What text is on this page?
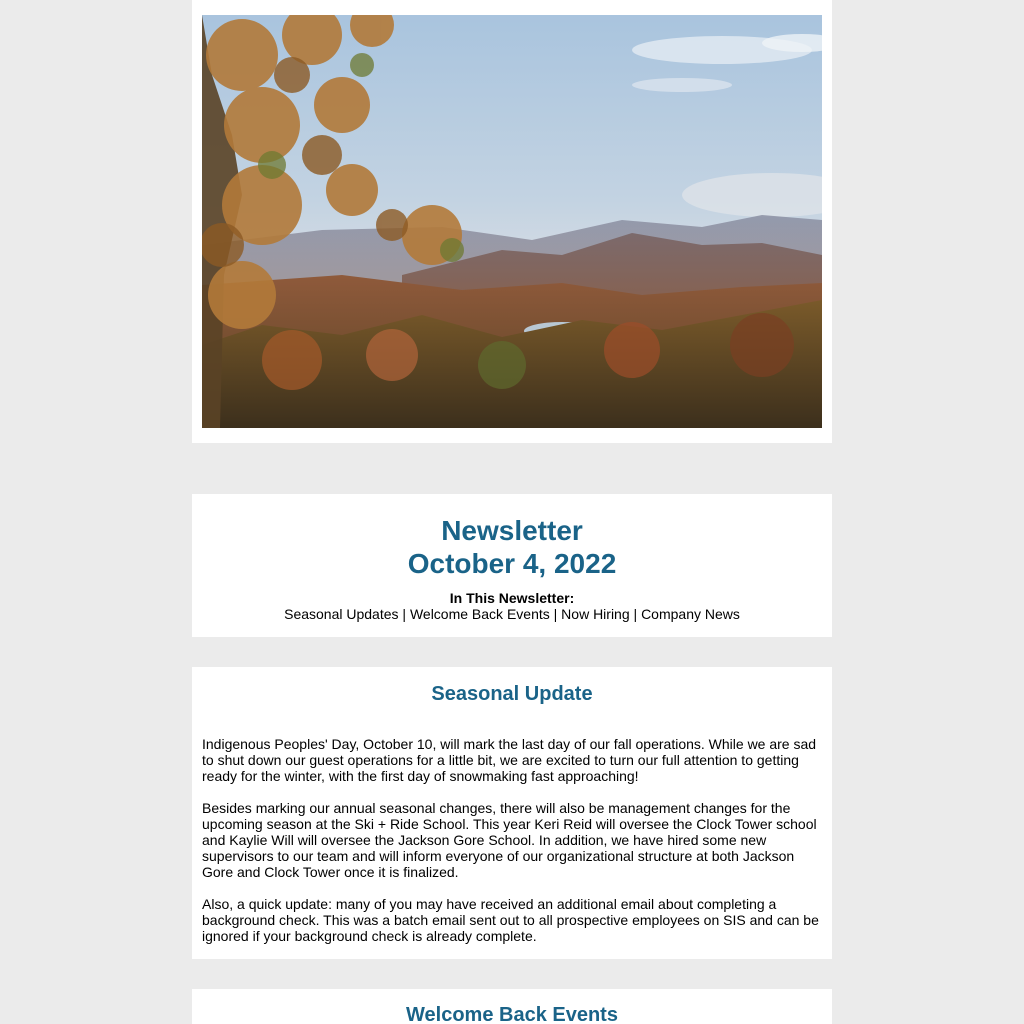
Newsletter
October 4, 2022
In This Newsletter:
Seasonal Updates | Welcome Back Events | Now Hiring | Company News
Seasonal Update

Indigenous Peoples' Day, October 10, will mark the last day of our fall operations. While we are sad to shut down our guest operations for a little bit, we are excited to turn our full attention to getting ready for the winter, with the first day of snowmaking fast approaching!

Besides marking our annual seasonal changes, there will also be management changes for the upcoming season at the Ski + Ride School. This year Keri Reid will oversee the Clock Tower school and Kaylie Will will oversee the Jackson Gore School. In addition, we have hired some new supervisors to our team and will inform everyone of our organizational structure at both Jackson Gore and Clock Tower once it is finalized.

Also, a quick update: many of you may have received an additional email about completing a background check. This was a batch email sent out to all prospective employees on SIS and can be ignored if your background check is already complete.

Welcome Back Events
